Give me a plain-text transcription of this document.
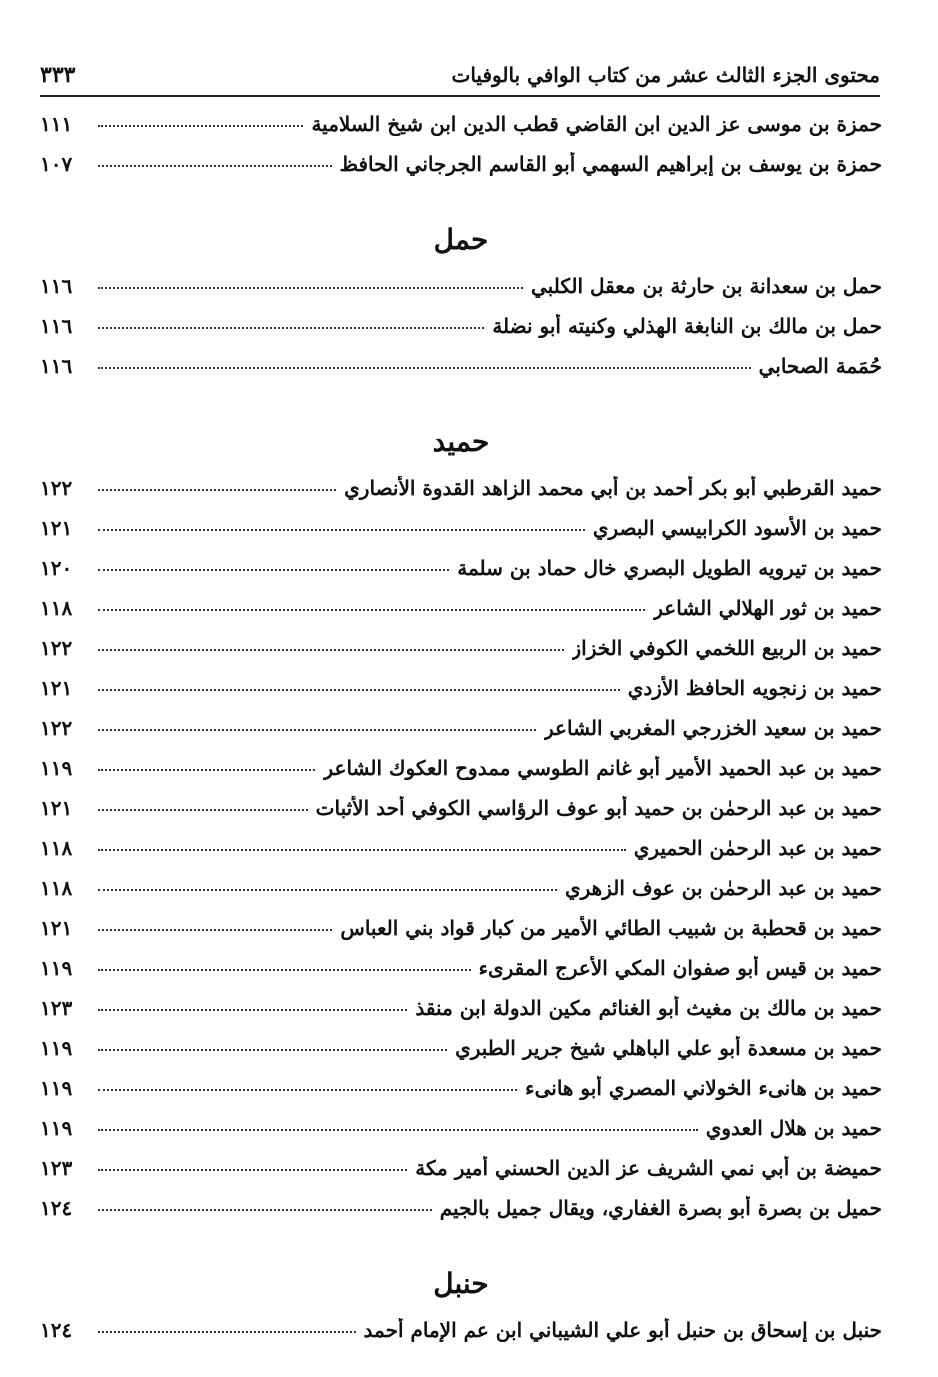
محتوى الجزء الثالث عشر من كتاب الوافي بالوفيات
٣٣٣
حمزة بن موسى عز الدين ابن القاضي قطب الدين ابن شيخ السلامية
١١١
حمزة بن يوسف بن إبراهيم السهمي أبو القاسم الجرجاني الحافظ
١٠٧
حمل
حمل بن سعدانة بن حارثة بن معقل الكلبي
١١٦
حمل بن مالك بن النابغة الهذلي وكنيته أبو نضلة
١١٦
حُمَمة الصحابي
١١٦
حميد
حميد القرطبي أبو بكر أحمد بن أبي محمد الزاهد القدوة الأنصاري
١٢٢
حميد بن الأسود الكرابيسي البصري
١٢١
حميد بن تيرويه الطويل البصري خال حماد بن سلمة
١٢٠
حميد بن ثور الهلالي الشاعر
١١٨
حميد بن الربيع اللخمي الكوفي الخزاز
١٢٢
حميد بن زنجويه الحافظ الأزدي
١٢١
حميد بن سعيد الخزرجي المغربي الشاعر
١٢٢
حميد بن عبد الحميد الأمير أبو غانم الطوسي ممدوح العكوك الشاعر
١١٩
حميد بن عبد الرحمٰن بن حميد أبو عوف الرؤاسي الكوفي أحد الأثبات
١٢١
حميد بن عبد الرحمٰن الحميري
١١٨
حميد بن عبد الرحمٰن بن عوف الزهري
١١٨
حميد بن قحطبة بن شبيب الطائي الأمير من كبار قواد بني العباس
١٢١
حميد بن قيس أبو صفوان المكي الأعرج المقرىء
١١٩
حميد بن مالك بن مغيث أبو الغنائم مكين الدولة ابن منقذ
١٢٣
حميد بن مسعدة أبو علي الباهلي شيخ جرير الطبري
١١٩
حميد بن هانىء الخولاني المصري أبو هانىء
١١٩
حميد بن هلال العدوي
١١٩
حميضة بن أبي نمي الشريف عز الدين الحسني أمير مكة
١٢٣
حميل بن بصرة أبو بصرة الغفاري، ويقال جميل بالجيم
١٢٤
حنبل
حنبل بن إسحاق بن حنبل أبو علي الشيباني ابن عم الإمام أحمد
١٢٤
